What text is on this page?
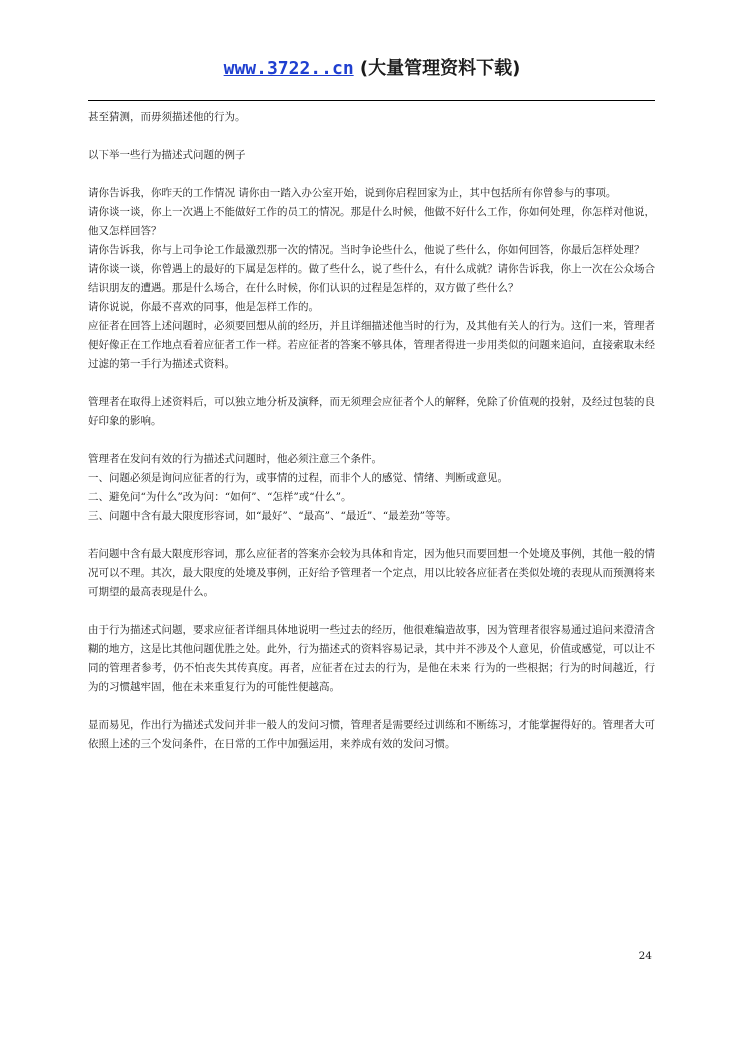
www.3722..cn (大量管理资料下载)

甚至猜测，而毋须描述他的行为。

以下举一些行为描述式问题的例子

请你告诉我，你昨天的工作情况 请你由一踏入办公室开始，说到你启程回家为止，其中包括所有你曾参与的事项。

请你谈一谈，你上一次遇上不能做好工作的员工的情况。那是什么时候，他做不好什么工作，你如何处理，你怎样对他说，他又怎样回答？

请你告诉我，你与上司争论工作最激烈那一次的情况。当时争论些什么，他说了些什么，你如何回答，你最后怎样处理？

请你谈一谈，你曾遇上的最好的下属是怎样的。做了些什么，说了些什么，有什么成就？请你告诉我，你上一次在公众场合结识朋友的遭遇。那是什么场合，在什么时候，你们认识的过程是怎样的，双方做了些什么？

请你说说，你最不喜欢的同事，他是怎样工作的。

应征者在回答上述问题时，必须要回想从前的经历，并且详细描述他当时的行为，及其他有关人的行为。这们一来，管理者便好像正在工作地点看着应征者工作一样。若应征者的答案不够具体，管理者得进一步用类似的问题来追问，直接索取未经过滤的第一手行为描述式资料。

管理者在取得上述资料后，可以独立地分析及演释，而无须理会应征者个人的解释，免除了价值观的投射，及经过包装的良好印象的影响。

管理者在发问有效的行为描述式问题时，他必须注意三个条件。

一、问题必须是询问应征者的行为，或事情的过程，而非个人的感觉、情绪、判断或意见。

二、避免问“为什么”改为问：“如何”、“怎样”或“什么”。

三、问题中含有最大限度形容词，如“最好”、“最高”、“最近”、“最差劲”等等。

若问题中含有最大限度形容词，那么应征者的答案亦会较为具体和肯定，因为他只而要回想一个处境及事例，其他一般的情况可以不理。其次，最大限度的处境及事例，正好给予管理者一个定点，用以比较各应征者在类似处境的表现从而预测将来可期望的最高表现是什么。

由于行为描述式问题，要求应征者详细具体地说明一些过去的经历，他很难编造故事，因为管理者很容易通过追问来澄清含糊的地方，这是比其他问题优胜之处。此外，行为描述式的资料容易记录，其中并不涉及个人意见，价值或感觉，可以让不同的管理者参考，仍不怕丧失其传真度。再者，应征者在过去的行为，是他在未来 行为的一些根据；行为的时间越近，行为的习惯越牢固，他在未来重复行为的可能性便越高。

显而易见，作出行为描述式发问并非一般人的发问习惯，管理者是需要经过训练和不断练习，才能掌握得好的。管理者大可依照上述的三个发问条件，在日常的工作中加强运用，来养成有效的发问习惯。

24
